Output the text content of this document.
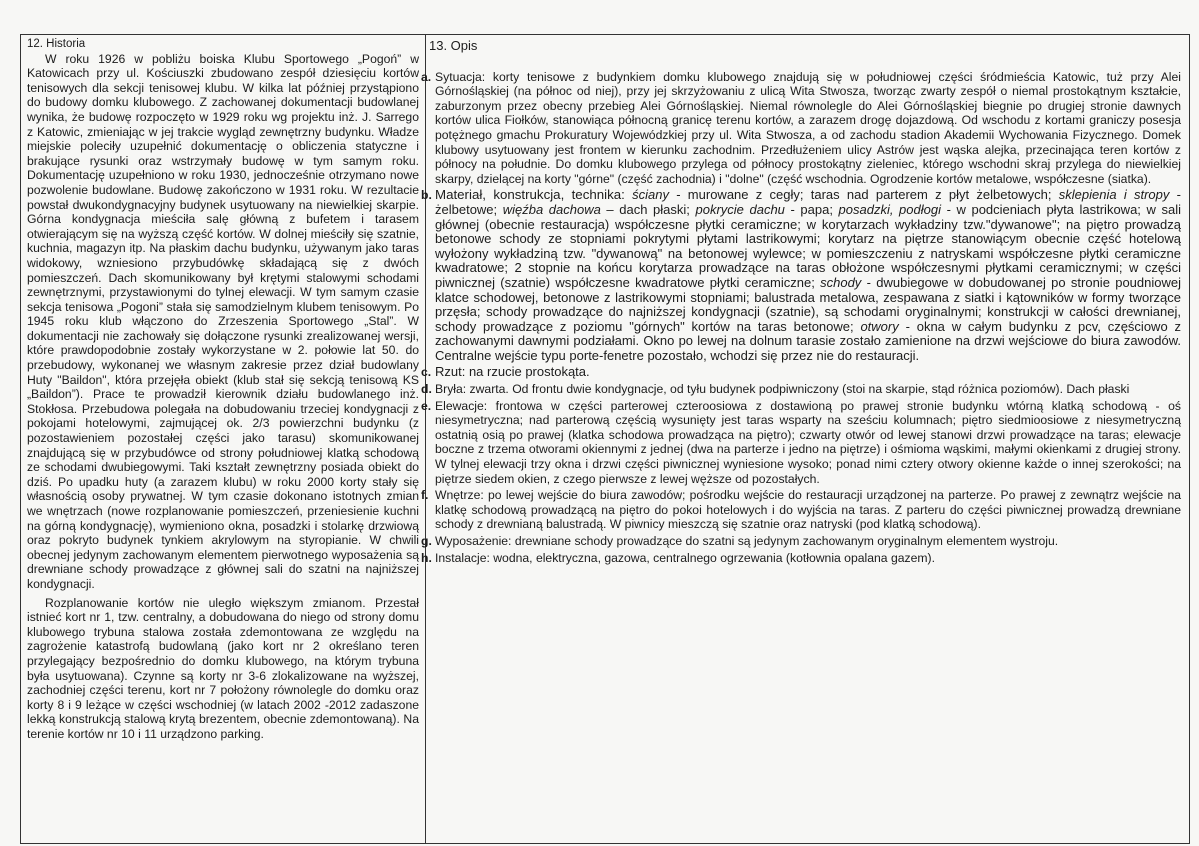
12. Historia

W roku 1926 w pobliżu boiska Klubu Sportowego „Pogoń” w Katowicach przy ul. Kościuszki zbudowano zespół dziesięciu kortów tenisowych dla sekcji tenisowej klubu. W kilka lat później przystąpiono do budowy domku klubowego. Z zachowanej dokumentacji budowlanej wynika, że budowę rozpoczęto w 1929 roku wg projektu inż. J. Sarrego z Katowic, zmieniając w jej trakcie wygląd zewnętrzny budynku. Władze miejskie poleciły uzupełnić dokumentację o obliczenia statyczne i brakujące rysunki oraz wstrzymały budowę w tym samym roku. Dokumentację uzupełniono w roku 1930, jednocześnie otrzymano nowe pozwolenie budowlane. Budowę zakończono w 1931 roku. W rezultacie powstał dwukondygnacyjny budynek usytuowany na niewielkiej skarpie. Górna kondygnacja mieściła salę główną z bufetem i tarasem otwierającym się na wyższą część kortów. W dolnej mieściły się szatnie, kuchnia, magazyn itp. Na płaskim dachu budynku, używanym jako taras widokowy, wzniesiono przybudówkę składającą się z dwóch pomieszczeń. Dach skomunikowany był krętymi stalowymi schodami zewnętrznymi, przystawionymi do tylnej elewacji. W tym samym czasie sekcja tenisowa „Pogoni” stała się samodzielnym klubem tenisowym. Po 1945 roku klub włączono do Zrzeszenia Sportowego „Stal”. W dokumentacji nie zachowały się dołączone rysunki zrealizowanej wersji, które prawdopodobnie zostały wykorzystane w 2. połowie lat 50. do przebudowy, wykonanej we własnym zakresie przez dział budowlany Huty "Baildon", która przejęła obiekt (klub stał się sekcją tenisową KS „Baildon”). Prace te prowadził kierownik działu budowlanego inż. Stokłosa. Przebudowa polegała na dobudowaniu trzeciej kondygnacji z pokojami hotelowymi, zajmującej ok. 2/3 powierzchni budynku (z pozostawieniem pozostałej części jako tarasu) skomunikowanej znajdującą się w przybudówce od strony południowej klatką schodową ze schodami dwubiegowymi. Taki kształt zewnętrzny posiada obiekt do dziś. Po upadku huty (a zarazem klubu) w roku 2000 korty stały się własnością osoby prywatnej. W tym czasie dokonano istotnych zmian we wnętrzach (nowe rozplanowanie pomieszczeń, przeniesienie kuchni na górną kondygnację), wymieniono okna, posadzki i stolarkę drzwiową oraz pokryto budynek tynkiem akrylowym na styropianie. W chwili obecnej jedynym zachowanym elementem pierwotnego wyposażenia są drewniane schody prowadzące z głównej sali do szatni na najniższej kondygnacji.

Rozplanowanie kortów nie uległo większym zmianom. Przestał istnieć kort nr 1, tzw. centralny, a dobudowana do niego od strony domu klubowego trybuna stalowa została zdemontowana ze względu na zagrożenie katastrofą budowlaną (jako kort nr 2 określano teren przylegający bezpośrednio do domku klubowego, na którym trybuna była usytuowana). Czynne są korty nr 3-6 zlokalizowane na wyższej, zachodniej części terenu, kort nr 7 położony równolegle do domku oraz korty 8 i 9 leżące w części wschodniej (w latach 2002 -2012 zadaszone lekką konstrukcją stalową krytą brezentem, obecnie zdemontowaną). Na terenie kortów nr 10 i 11 urządzono parking.

13. Opis
a. Sytuacja: korty tenisowe z budynkiem domku klubowego znajdują się w południowej części śródmieścia Katowic, tuż przy Alei Górnośląskiej (na północ od niej), przy jej skrzyżowaniu z ulicą Wita Stwosza, tworząc zwarty zespół o niemal prostokątnym kształcie, zaburzonym przez obecny przebieg Alei Górnośląskiej. Niemal równolegle do Alei Górnośląskiej biegnie po drugiej stronie dawnych kortów ulica Fiołków, stanowiąca północną granicę terenu kortów, a zarazem drogę dojazdową. Od wschodu z kortami graniczy posesja potężnego gmachu Prokuratury Wojewódzkiej przy ul. Wita Stwosza, a od zachodu stadion Akademii Wychowania Fizycznego. Domek klubowy usytuowany jest frontem w kierunku zachodnim. Przedłużeniem ulicy Astrów jest wąska alejka, przecinająca teren kortów z północy na południe. Do domku klubowego przylega od północy prostokątny zieleniec, którego wschodni skraj przylega do niewielkiej skarpy, dzielącej na korty "górne" (część zachodnia) i "dolne" (część wschodnia. Ogrodzenie kortów metalowe, współczesne (siatka).
b. Materiał, konstrukcja, technika: ściany - murowane z cegły; taras nad parterem z płyt żelbetowych; sklepienia i stropy - żelbetowe; więźba dachowa – dach płaski; pokrycie dachu - papa; posadzki, podłogi - w podcieniach płyta lastrikowa; w sali głównej (obecnie restauracja) współczesne płytki ceramiczne; w korytarzach wykładziny tzw."dywanowe"; na piętro prowadzą betonowe schody ze stopniami pokrytymi płytami lastrikowymi; korytarz na piętrze stanowiącym obecnie część hotelową wyłożony wykładziną tzw. "dywanową" na betonowej wylewce; w pomieszczeniu z natryskami współczesne płytki ceramiczne kwadratowe; 2 stopnie na końcu korytarza prowadzące na taras obłożone współczesnymi płytkami ceramicznymi; w części piwnicznej (szatnie) współczesne kwadratowe płytki ceramiczne; schody - dwubiegowe w dobudowanej po stronie poudniowej klatce schodowej, betonowe z lastrikowymi stopniami; balustrada metalowa, zespawana z siatki i kątowników w formy tworzące przęsła; schody prowadzące do najniższej kondygnacji (szatnie), są schodami oryginalnymi; konstrukcji w całości drewnianej, schody prowadzące z poziomu "górnych" kortów na taras betonowe; otwory - okna w całym budynku z pcv, częściowo z zachowanymi dawnymi podziałami. Okno po lewej na dolnum tarasie zostało zamienione na drzwi wejściowe do biura zawodów. Centralne wejście typu porte-fenetre pozostało, wchodzi się przez nie do restauracji.
c. Rzut: na rzucie prostokąta.
d. Bryła: zwarta. Od frontu dwie kondygnacje, od tyłu budynek podpiwniczony (stoi na skarpie, stąd różnica poziomów). Dach płaski
e. Elewacje: frontowa w części parterowej czteroosiowa z dostawioną po prawej stronie budynku wtórną klatką schodową - oś niesymetryczna; nad parterową częścią wysunięty jest taras wsparty na sześciu kolumnach; piętro siedmioosiowe z niesymetryczną ostatnią osią po prawej (klatka schodowa prowadząca na piętro); czwarty otwór od lewej stanowi drzwi prowadzące na taras; elewacje boczne z trzema otworami okiennymi z jednej (dwa na parterze i jedno na piętrze) i ośmioma wąskimi, małymi okienkami z drugiej strony. W tylnej elewacji trzy okna i drzwi części piwnicznej wyniesione wysoko; ponad nimi cztery otwory okienne każde o innej szerokości; na piętrze siedem okien, z czego pierwsze z lewej węższe od pozostałych.
f. Wnętrze: po lewej wejście do biura zawodów; pośrodku wejście do restauracji urządzonej na parterze. Po prawej z zewnątrz wejście na klatkę schodową prowadzącą na piętro do pokoi hotelowych i do wyjścia na taras. Z parteru do części piwnicznej prowadzą drewniane schody z drewnianą balustradą. W piwnicy mieszczą się szatnie oraz natryski (pod klatką schodową).
g. Wyposażenie: drewniane schody prowadzące do szatni są jedynym zachowanym oryginalnym elementem wystroju.
h. Instalacje: wodna, elektryczna, gazowa, centralnego ogrzewania (kotłownia opalana gazem).
